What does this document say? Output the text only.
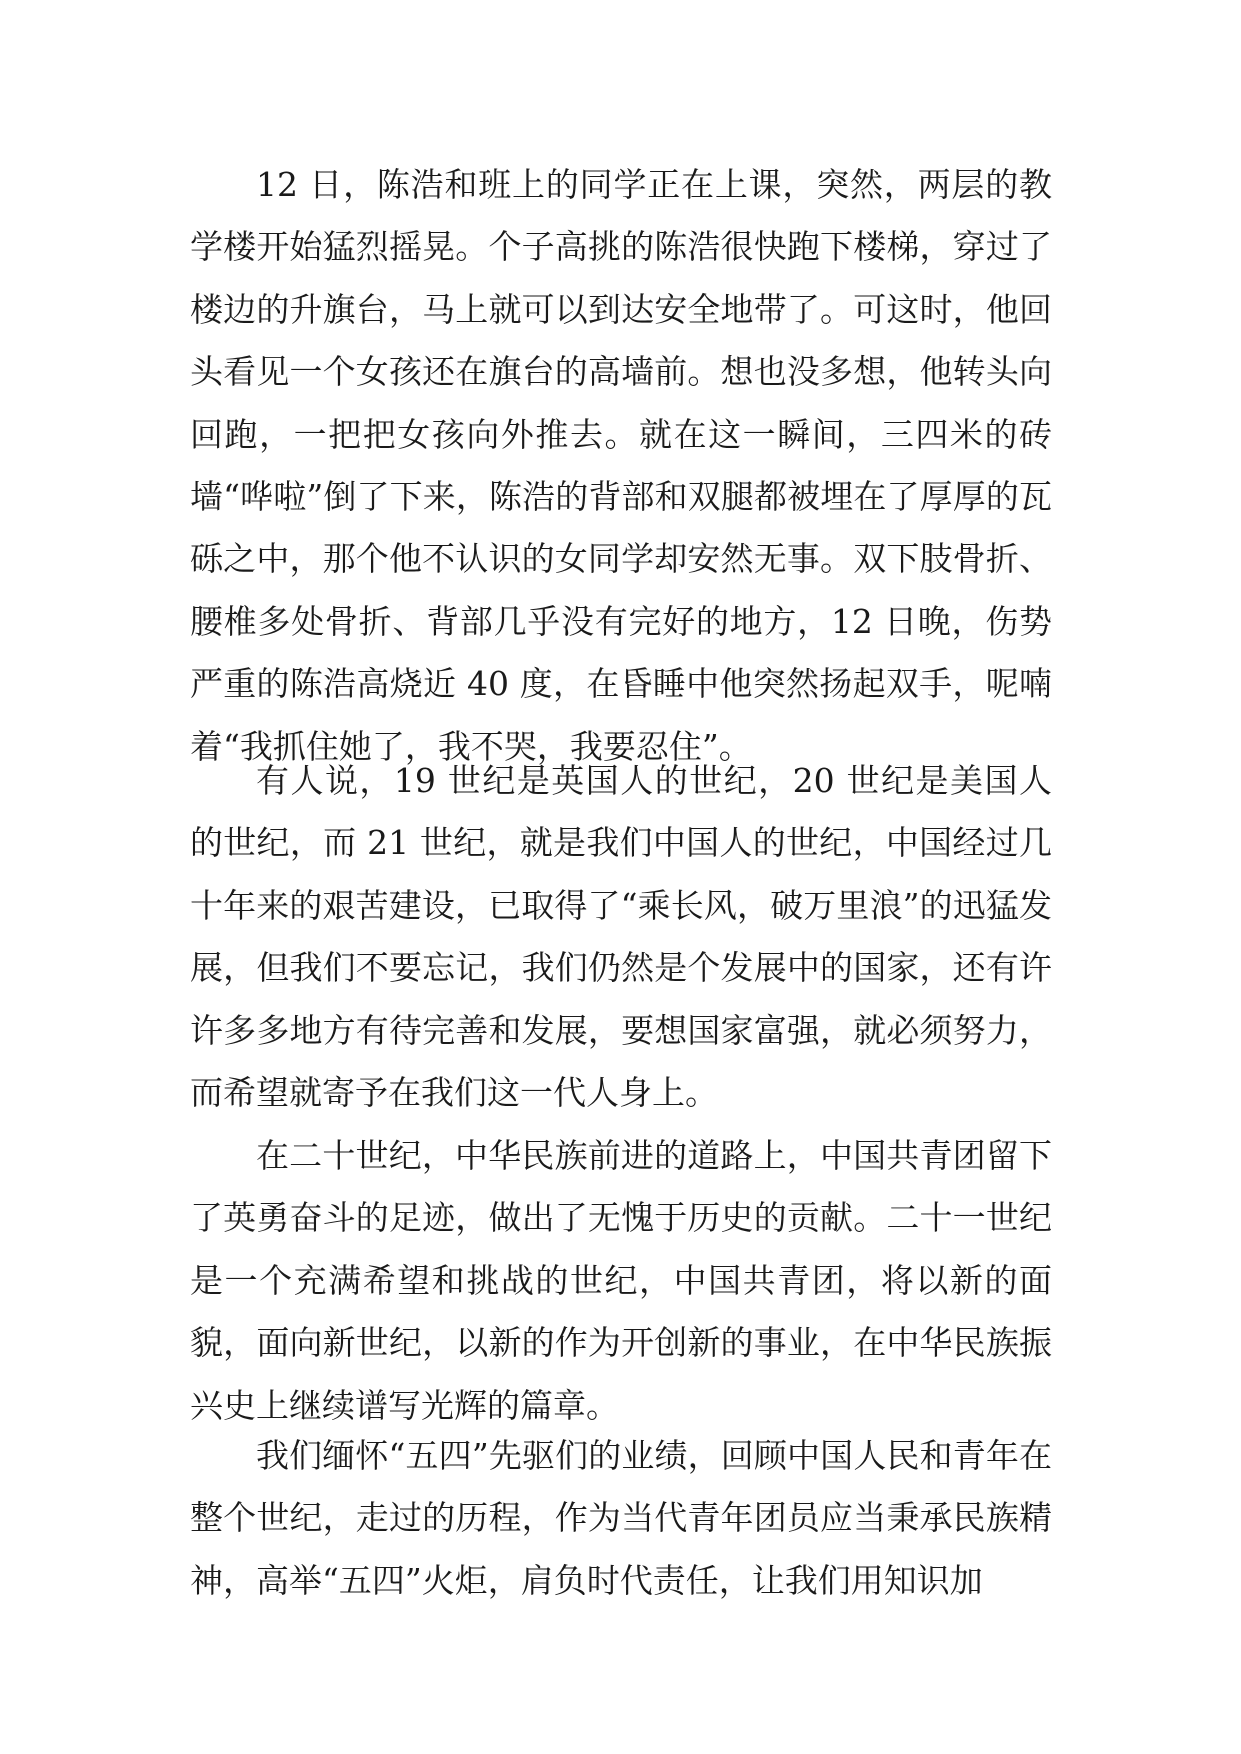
12 日，陈浩和班上的同学正在上课，突然，两层的教学楼开始猛烈摇晃。个子高挑的陈浩很快跑下楼梯，穿过了楼边的升旗台，马上就可以到达安全地带了。可这时，他回头看见一个女孩还在旗台的高墙前。想也没多想，他转头向回跑，一把把女孩向外推去。就在这一瞬间，三四米的砖墙“哗啦”倒了下来，陈浩的背部和双腿都被埋在了厚厚的瓦砾之中，那个他不认识的女同学却安然无事。双下肢骨折、腰椎多处骨折、背部几乎没有完好的地方，12 日晚，伤势严重的陈浩高烧近 40 度，在昏睡中他突然扬起双手，呢喃着“我抓住她了，我不哭，我要忍住”。

有人说，19 世纪是英国人的世纪，20 世纪是美国人的世纪，而 21 世纪，就是我们中国人的世纪，中国经过几十年来的艰苦建设，已取得了“乘长风，破万里浪”的迅猛发展，但我们不要忘记，我们仍然是个发展中的国家，还有许许多多地方有待完善和发展，要想国家富强，就必须努力，而希望就寄予在我们这一代人身上。

在二十世纪，中华民族前进的道路上，中国共青团留下了英勇奋斗的足迹，做出了无愧于历史的贡献。二十一世纪是一个充满希望和挑战的世纪，中国共青团，将以新的面貌，面向新世纪，以新的作为开创新的事业，在中华民族振兴史上继续谱写光辉的篇章。

我们缅怀“五四”先驱们的业绩，回顾中国人民和青年在整个世纪，走过的历程，作为当代青年团员应当秉承民族精神，高举“五四”火炬，肩负时代责任，让我们用知识加
